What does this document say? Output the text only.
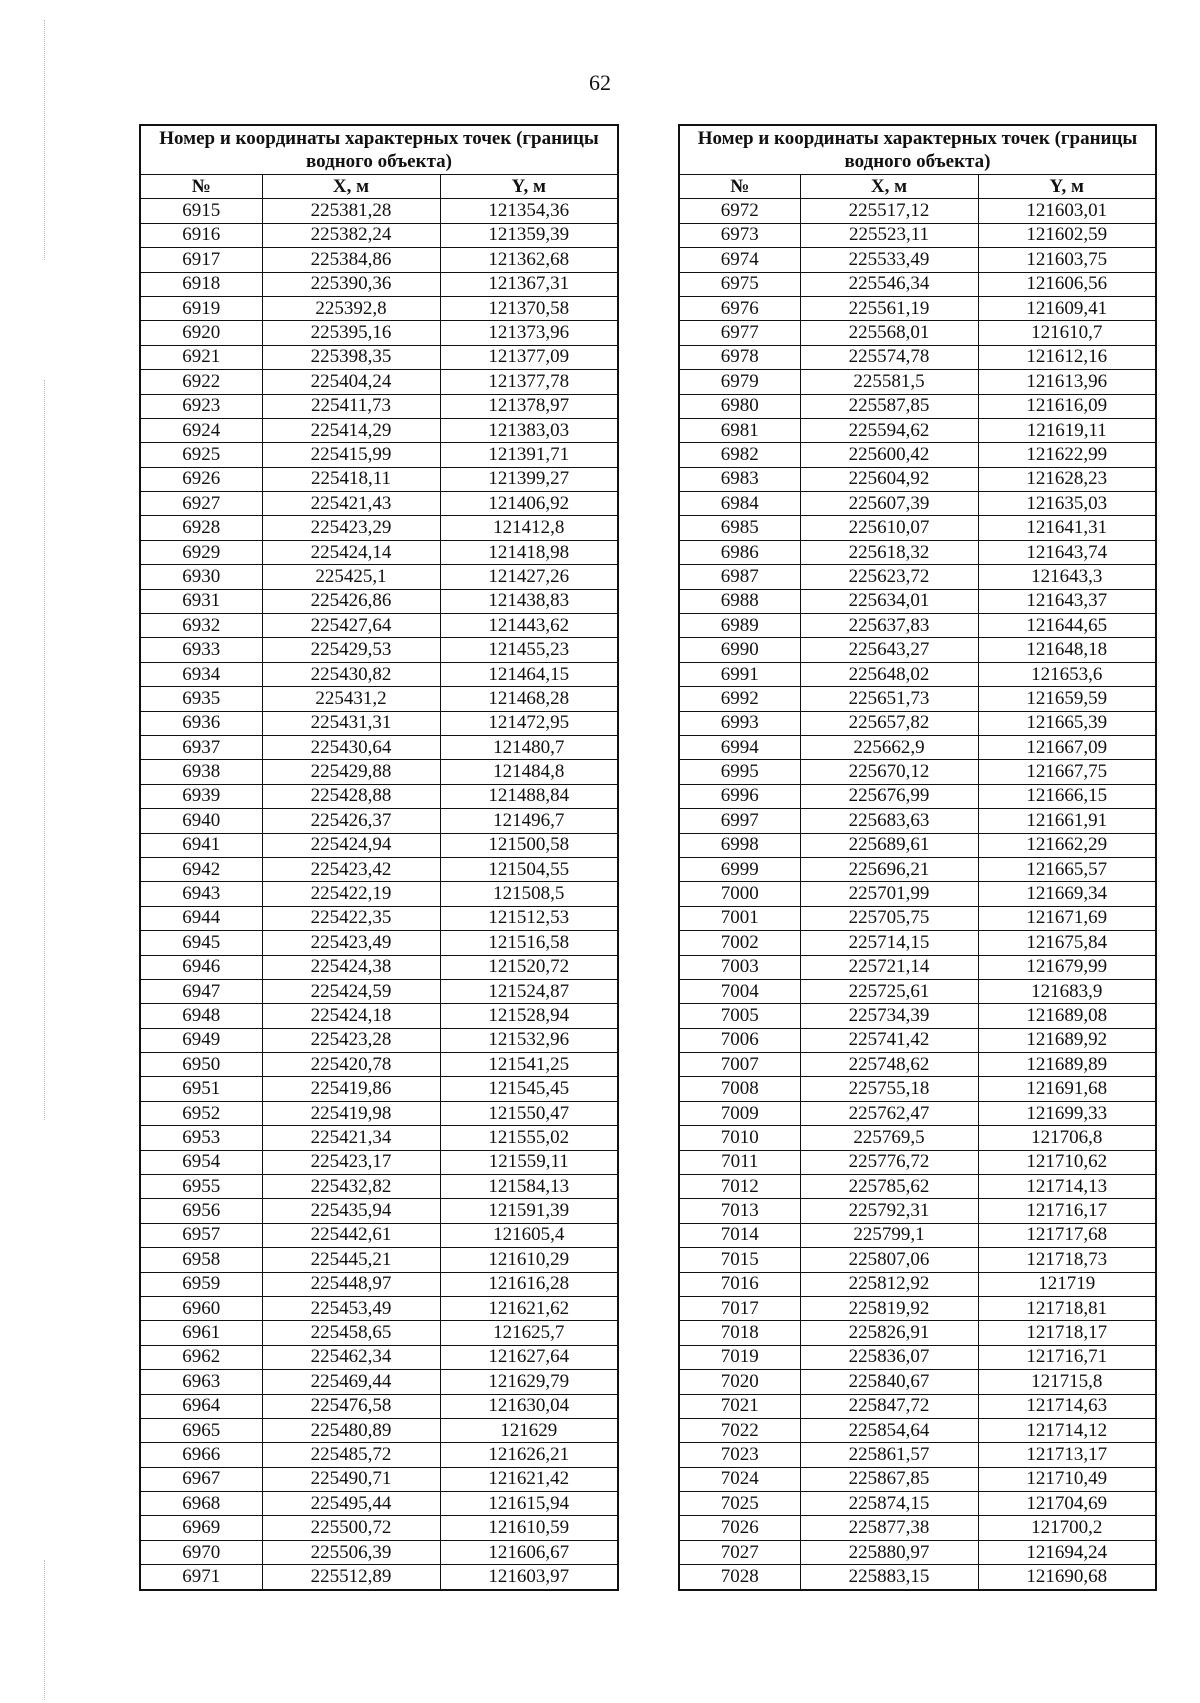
62
Номер и координаты характерных точек (границы водного объекта)		
№	X, м	Y, м
6915	225381,28	121354,36
6916	225382,24	121359,39
6917	225384,86	121362,68
6918	225390,36	121367,31
6919	225392,8	121370,58
6920	225395,16	121373,96
6921	225398,35	121377,09
6922	225404,24	121377,78
6923	225411,73	121378,97
6924	225414,29	121383,03
6925	225415,99	121391,71
6926	225418,11	121399,27
6927	225421,43	121406,92
6928	225423,29	121412,8
6929	225424,14	121418,98
6930	225425,1	121427,26
6931	225426,86	121438,83
6932	225427,64	121443,62
6933	225429,53	121455,23
6934	225430,82	121464,15
6935	225431,2	121468,28
6936	225431,31	121472,95
6937	225430,64	121480,7
6938	225429,88	121484,8
6939	225428,88	121488,84
6940	225426,37	121496,7
6941	225424,94	121500,58
6942	225423,42	121504,55
6943	225422,19	121508,5
6944	225422,35	121512,53
6945	225423,49	121516,58
6946	225424,38	121520,72
6947	225424,59	121524,87
6948	225424,18	121528,94
6949	225423,28	121532,96
6950	225420,78	121541,25
6951	225419,86	121545,45
6952	225419,98	121550,47
6953	225421,34	121555,02
6954	225423,17	121559,11
6955	225432,82	121584,13
6956	225435,94	121591,39
6957	225442,61	121605,4
6958	225445,21	121610,29
6959	225448,97	121616,28
6960	225453,49	121621,62
6961	225458,65	121625,7
6962	225462,34	121627,64
6963	225469,44	121629,79
6964	225476,58	121630,04
6965	225480,89	121629
6966	225485,72	121626,21
6967	225490,71	121621,42
6968	225495,44	121615,94
6969	225500,72	121610,59
6970	225506,39	121606,67
6971	225512,89	121603,97
Номер и координаты характерных точек (границы водного объекта)		
№	X, м	Y, м
6972	225517,12	121603,01
6973	225523,11	121602,59
6974	225533,49	121603,75
6975	225546,34	121606,56
6976	225561,19	121609,41
6977	225568,01	121610,7
6978	225574,78	121612,16
6979	225581,5	121613,96
6980	225587,85	121616,09
6981	225594,62	121619,11
6982	225600,42	121622,99
6983	225604,92	121628,23
6984	225607,39	121635,03
6985	225610,07	121641,31
6986	225618,32	121643,74
6987	225623,72	121643,3
6988	225634,01	121643,37
6989	225637,83	121644,65
6990	225643,27	121648,18
6991	225648,02	121653,6
6992	225651,73	121659,59
6993	225657,82	121665,39
6994	225662,9	121667,09
6995	225670,12	121667,75
6996	225676,99	121666,15
6997	225683,63	121661,91
6998	225689,61	121662,29
6999	225696,21	121665,57
7000	225701,99	121669,34
7001	225705,75	121671,69
7002	225714,15	121675,84
7003	225721,14	121679,99
7004	225725,61	121683,9
7005	225734,39	121689,08
7006	225741,42	121689,92
7007	225748,62	121689,89
7008	225755,18	121691,68
7009	225762,47	121699,33
7010	225769,5	121706,8
7011	225776,72	121710,62
7012	225785,62	121714,13
7013	225792,31	121716,17
7014	225799,1	121717,68
7015	225807,06	121718,73
7016	225812,92	121719
7017	225819,92	121718,81
7018	225826,91	121718,17
7019	225836,07	121716,71
7020	225840,67	121715,8
7021	225847,72	121714,63
7022	225854,64	121714,12
7023	225861,57	121713,17
7024	225867,85	121710,49
7025	225874,15	121704,69
7026	225877,38	121700,2
7027	225880,97	121694,24
7028	225883,15	121690,68
